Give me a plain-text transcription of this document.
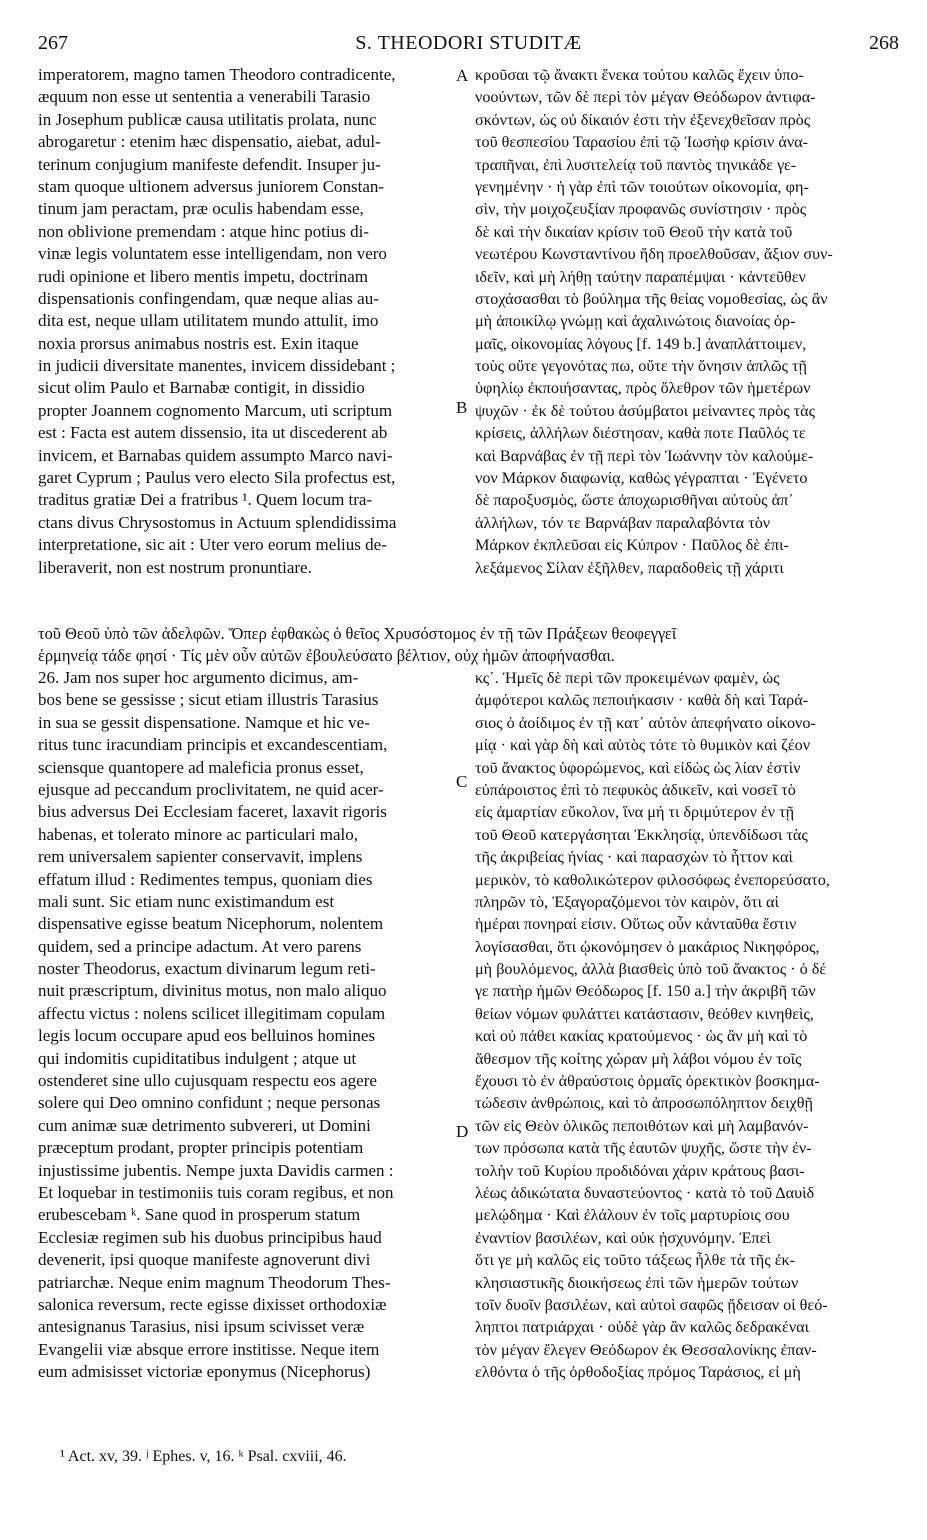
267	S. THEODORI STUDITÆ	268
imperatorem, magno tamen Theodoro contradicente,
æquum non esse ut sententia a venerabili Tarasio
in Josephum publicæ causa utilitatis prolata, nunc
abrogaretur : etenim hæc dispensatio, aiebat, adul-
terinum conjugium manifeste defendit. Insuper ju-
stam quoque ultionem adversus juniorem Constan-
tinum jam peractam, præ oculis habendam esse,
non oblivione premendam : atque hinc potius di-
vinæ legis voluntatem esse intelligendam, non vero
rudi opinione et libero mentis impetu, doctrinam
dispensationis confingendam, quæ neque alias au-
dita est, neque ullam utilitatem mundo attulit, imo
noxia prorsus animabus nostris est. Exin itaque
in judicii diversitate manentes, invicem dissidebant ;
sicut olim Paulo et Barnabæ contigit, in dissidio
propter Joannem cognomento Marcum, uti scriptum
est : Facta est autem dissensio, ita ut discederent ab
invicem, et Barnabas quidem assumpto Marco navi-
garet Cyprum ; Paulus vero electo Sila profectus est,
traditus gratiæ Dei a fratribus ¹. Quem locum tra-
ctans divus Chrysostomus in Actuum splendidissima
interpretatione, sic ait : Uter vero eorum melius de-
liberaverit, non est nostrum pronuntiare.
κροῦσαι τῷ ἄνακτι ἕνεκα τούτου καλῶς ἔχειν ὑπο-
νοούντων, τῶν δὲ περὶ τὸν μέγαν Θεόδωρον ἀντιφα-
σκόντων, ὡς οὐ δίκαιόν ἐστι τὴν ἐξενεχθεῖσαν πρὸς
τοῦ θεσπεσίου Ταρασίου ἐπὶ τῷ Ἰωσὴφ κρίσιν ἀνα-
τραπῆναι, ἐπὶ λυσιτελείᾳ τοῦ παντὸς τηνικάδε γε-
γενημένην · ἡ γὰρ ἐπὶ τῶν τοιούτων οἰκονομία, φη-
σὶν, τὴν μοιχοζευξίαν προφανῶς συνίστησιν · πρὸς
δὲ καὶ τὴν δικαίαν κρίσιν τοῦ Θεοῦ τὴν κατὰ τοῦ
νεωτέρου Κωνσταντίνου ἤδη προελθοῦσαν, ἄξιον συν-
ιδεῖν, καὶ μὴ λήθῃ ταύτην παραπέμψαι · κἀντεῦθεν
στοχάσασθαι τὸ βούλημα τῆς θείας νομοθεσίας, ὡς ἂν
μὴ ἀποικίλῳ γνώμῃ καὶ ἀχαλινώτοις διανοίας ὁρ-
μαῖς, οἰκονομίας λόγους [f. 149 b.] ἀναπλάττοιμεν,
τοὺς οὔτε γεγονότας πω, οὔτε τὴν ὄνησιν ἁπλῶς τῇ
ὑφηλίῳ ἐκποιήσαντας, πρὸς ὄλεθρον τῶν ἡμετέρων
ψυχῶν · ἐκ δὲ τούτου ἀσύμβατοι μείναντες πρὸς τὰς
κρίσεις, ἀλλήλων διέστησαν, καθὰ ποτε Παῦλός τε
καὶ Βαρνάβας ἐν τῇ περὶ τὸν Ἰωάννην τὸν καλούμε-
νον Μάρκον διαφωνίᾳ, καθὼς γέγραπται · Ἐγένετο
δὲ παροξυσμὸς, ὥστε ἀποχωρισθῆναι αὐτοὺς ἀπ᾽
ἀλλήλων, τόν τε Βαρνάβαν παραλαβόντα τὸν
Μάρκον ἐκπλεῦσαι εἰς Κύπρον · Παῦλος δὲ ἐπι-
λεξάμενος Σίλαν ἐξῆλθεν, παραδοθεὶς τῇ χάριτι
τοῦ Θεοῦ ὑπὸ τῶν ἀδελφῶν. Ὅπερ ἐφθακὼς ὁ θεῖος Χρυσόστομος ἐν τῇ τῶν Πράξεων θεοφεγγεῖ
ἑρμηνείᾳ τάδε φησί · Τίς μὲν οὖν αὐτῶν ἐβουλεύσατο βέλτιον, οὐχ ἡμῶν ἀποφήνασθαι.
26. Jam nos super hoc argumento dicimus, am-
bos bene se gessisse ; sicut etiam illustris Tarasius
in sua se gessit dispensatione. Namque et hic ve-
ritus tunc iracundiam principis et excandescentiam,
sciensque quantopere ad maleficia pronus esset,
ejusque ad peccandum proclivitatem, ne quid acer-
bius adversus Dei Ecclesiam faceret, laxavit rigoris
habenas, et tolerato minore ac particulari malo,
rem universalem sapienter conservavit, implens
effatum illud : Redimentes tempus, quoniam dies
mali sunt. Sic etiam nunc existimandum est
dispensative egisse beatum Nicephorum, nolentem
quidem, sed a principe adactum. At vero parens
noster Theodorus, exactum divinarum legum reti-
nuit præscriptum, divinitus motus, non malo aliquo
affectu victus : nolens scilicet illegitimam copulam
legis locum occupare apud eos belluinos homines
qui indomitis cupiditatibus indulgent ; atque ut
ostenderet sine ullo cujusquam respectu eos agere
solere qui Deo omnino confidunt ; neque personas
cum animæ suæ detrimento subvereri, ut Domini
præceptum prodant, propter principis potentiam
injustissime jubentis. Nempe juxta Davidis carmen :
Et loquebar in testimoniis tuis coram regibus, et non
erubescebam ᵏ. Sane quod in prosperum statum
Ecclesiæ regimen sub his duobus principibus haud
devenerit, ipsi quoque manifeste agnoverunt divi
patriarchæ. Neque enim magnum Theodorum Thes-
salonica reversum, recte egisse dixisset orthodoxiæ
antesignanus Tarasius, nisi ipsum scivisset veræ
Evangelii viæ absque errore institisse. Neque item
eum admisisset victoriæ eponymus (Nicephorus)
κς΄. Ἡμεῖς δὲ περὶ τῶν προκειμένων φαμὲν, ὡς
ἀμφότεροι καλῶς πεποιήκασιν · καθὰ δὴ καὶ Ταρά-
σιος ὁ ἀοίδιμος ἐν τῇ κατ᾽ αὐτὸν ἀπεφήνατο οἰκονο-
μίᾳ · καὶ γὰρ δὴ καὶ αὐτὸς τότε τὸ θυμικὸν καὶ ζέον
τοῦ ἄνακτος ὑφορώμενος, καὶ εἰδὼς ὡς λίαν ἐστὶν
εὐπάροιστος ἐπὶ τὸ πεφυκὸς ἀδικεῖν, καὶ νοσεῖ τὸ
εἰς ἁμαρτίαν εὔκολον, ἵνα μή τι δριμύτερον ἐν τῇ
τοῦ Θεοῦ κατεργάσηται Ἐκκλησίᾳ, ὑπενδίδωσι τὰς
τῆς ἀκριβείας ἡνίας · καὶ παρασχὼν τὸ ἧττον καὶ
μερικὸν, τὸ καθολικώτερον φιλοσόφως ἐνεπορεύσατο,
πληρῶν τὸ, Ἐξαγοραζόμενοι τὸν καιρὸν, ὅτι αἱ
ἡμέραι πονηραί εἰσιν. Οὕτως οὖν κἀνταῦθα ἔστιν
λογίσασθαι, ὅτι ᾠκονόμησεν ὁ μακάριος Νικηφόρος,
μὴ βουλόμενος, ἀλλὰ βιασθεὶς ὑπὸ τοῦ ἄνακτος · ὁ δέ
γε πατὴρ ἡμῶν Θεόδωρος [f. 150 a.] τὴν ἀκριβῆ τῶν
θείων νόμων φυλάττει κατάστασιν, θεόθεν κινηθεὶς,
καὶ οὐ πάθει κακίας κρατούμενος · ὡς ἂν μὴ καὶ τὸ
ἄθεσμον τῆς κοίτης χώραν μὴ λάβοι νόμου ἐν τοῖς
ἔχουσι τὸ ἐν ἀθραύστοις ὁρμαῖς ὀρεκτικὸν βοσκημα-
τώδεσιν ἀνθρώποις, καὶ τὸ ἀπροσωπόληπτον δειχθῇ
τῶν εἰς Θεὸν ὁλικῶς πεποιθότων καὶ μὴ λαμβανόν-
των πρόσωπα κατὰ τῆς ἑαυτῶν ψυχῆς, ὥστε τὴν ἐν-
τολὴν τοῦ Κυρίου προδιδόναι χάριν κράτους βασι-
λέως ἀδικώτατα δυναστεύοντος · κατὰ τὸ τοῦ Δαυὶδ
μελῴδημα · Καὶ ἐλάλουν ἐν τοῖς μαρτυρίοις σου
ἐναντίον βασιλέων, καὶ οὐκ ᾐσχυνόμην. Ἐπεὶ
ὅτι γε μὴ καλῶς εἰς τοῦτο τάξεως ἦλθε τὰ τῆς ἐκ-
κλησιαστικῆς διοικήσεως ἐπὶ τῶν ἡμερῶν τούτων
τοῖν δυοῖν βασιλέων, καὶ αὐτοὶ σαφῶς ᾔδεισαν οἱ θεό-
ληπτοι πατριάρχαι · οὐδὲ γὰρ ἂν καλῶς δεδρακέναι
τὸν μέγαν ἔλεγεν Θεόδωρον ἐκ Θεσσαλονίκης ἐπαν-
ελθόντα ὁ τῆς ὀρθοδοξίας πρόμος Ταράσιος, εἰ μὴ
A
B
C
D
¹ Act. xv, 39. ʲ Ephes. v, 16. ᵏ Psal. cxviii, 46.
